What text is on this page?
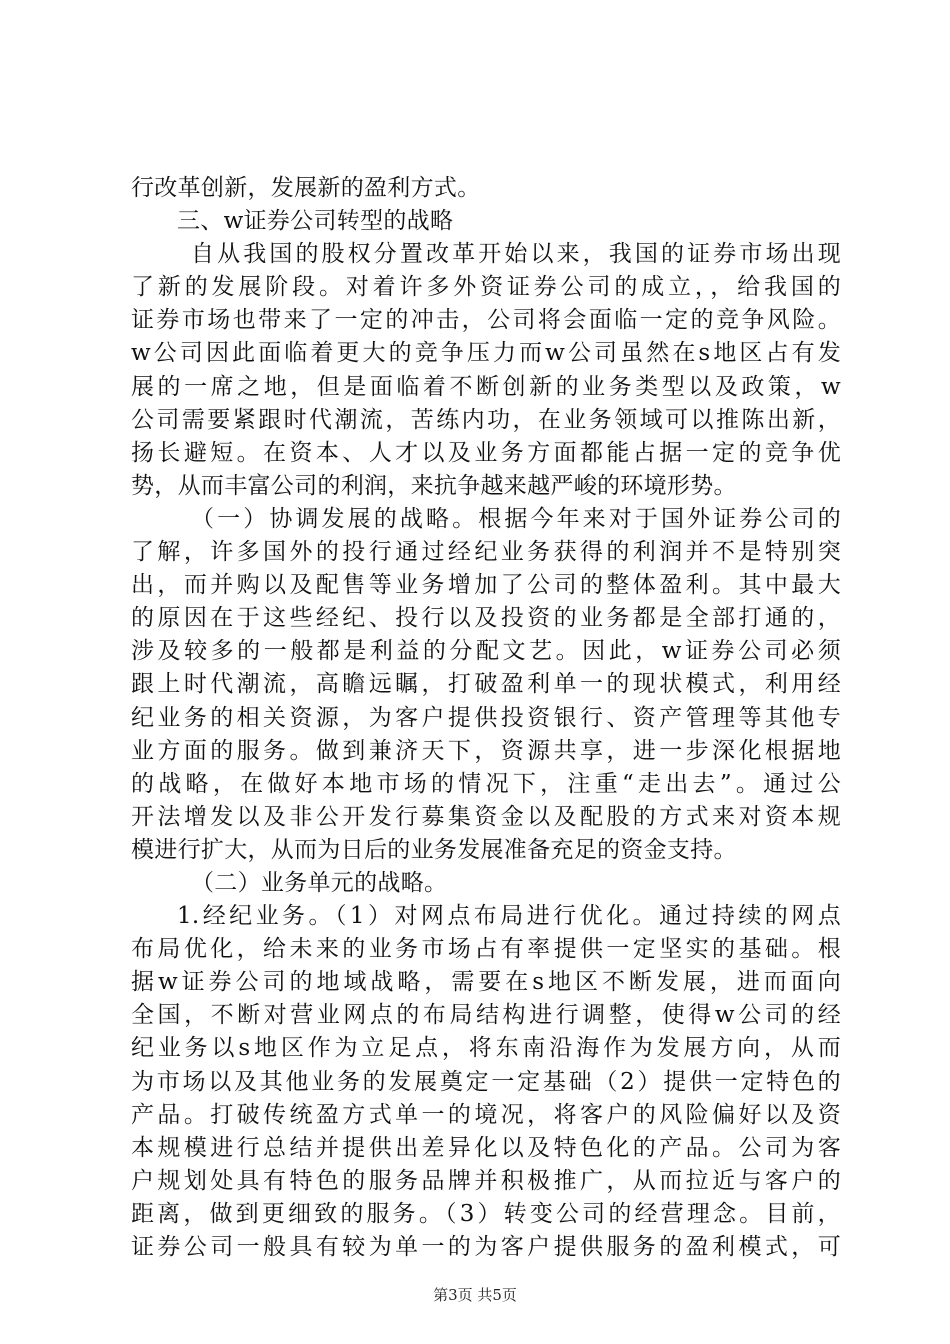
行改革创新，发展新的盈利方式。
三、w证券公司转型的战略
自从我国的股权分置改革开始以来，我国的证券市场出现
了新的发展阶段。对着许多外资证券公司的成立，，给我国的
证券市场也带来了一定的冲击，公司将会面临一定的竞争风险。
w公司因此面临着更大的竞争压力而w公司虽然在s地区占有发
展的一席之地，但是面临着不断创新的业务类型以及政策，w
公司需要紧跟时代潮流，苦练内功，在业务领域可以推陈出新，
扬长避短。在资本、人才以及业务方面都能占据一定的竞争优
势，从而丰富公司的利润，来抗争越来越严峻的环境形势。
（一）协调发展的战略。根据今年来对于国外证券公司的
了解，许多国外的投行通过经纪业务获得的利润并不是特别突
出，而并购以及配售等业务增加了公司的整体盈利。其中最大
的原因在于这些经纪、投行以及投资的业务都是全部打通的，
涉及较多的一般都是利益的分配文艺。因此，w证券公司必须
跟上时代潮流，高瞻远瞩，打破盈利单一的现状模式，利用经
纪业务的相关资源，为客户提供投资银行、资产管理等其他专
业方面的服务。做到兼济天下，资源共享，进一步深化根据地
的战略，在做好本地市场的情况下，注重“走出去”。通过公
开法增发以及非公开发行募集资金以及配股的方式来对资本规
模进行扩大，从而为日后的业务发展准备充足的资金支持。
（二）业务单元的战略。
1.经纪业务。（1）对网点布局进行优化。通过持续的网点
布局优化，给未来的业务市场占有率提供一定坚实的基础。根
据w证券公司的地域战略，需要在s地区不断发展，进而面向
全国，不断对营业网点的布局结构进行调整，使得w公司的经
纪业务以s地区作为立足点，将东南沿海作为发展方向，从而
为市场以及其他业务的发展奠定一定基础（2）提供一定特色的
产品。打破传统盈方式单一的境况，将客户的风险偏好以及资
本规模进行总结并提供出差异化以及特色化的产品。公司为客
户规划处具有特色的服务品牌并积极推广，从而拉近与客户的
距离，做到更细致的服务。（3）转变公司的经营理念。目前，
证券公司一般具有较为单一的为客户提供服务的盈利模式，可
第3页 共5页
